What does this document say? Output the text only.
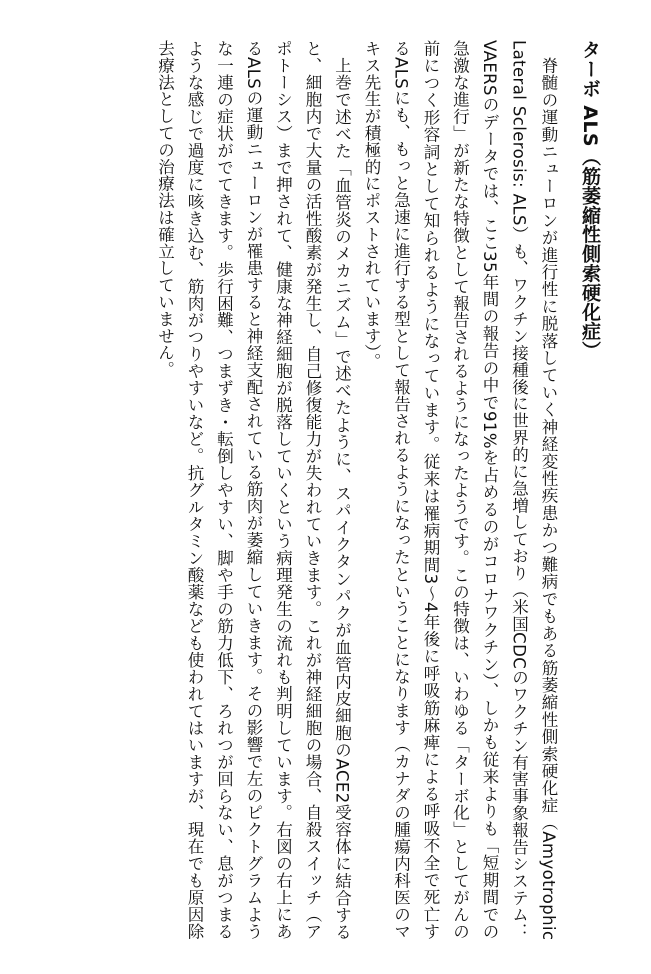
ターボ ALS（筋萎縮性側索硬化症）

脊髄の運動ニューロンが進行性に脱落していく神経変性疾患かつ難病でもある筋萎縮性側索硬化症（Amyotrophic Lateral Sclerosis: ALS）も、ワクチン接種後に世界的に急増しており（米国CDCのワクチン有害事象報告システム：VAERSのデータでは、ここ35年間の報告の中で91%を占めるのがコロナワクチン）、しかも従来よりも「短期間での急激な進行」が新たな特徴として報告されるようになったようです。この特徴は、いわゆる「ターボ化」としてがんの前につく形容詞として知られるようになっています。従来は罹病期間3～4年後に呼吸筋麻痺による呼吸不全で死亡するALSにも、もっと急速に進行する型として報告されるようになったということになります（カナダの腫瘍内科医のマキス先生が積極的にポストされています）。

上巻で述べた「血管炎のメカニズム」で述べたように、スパイクタンパクが血管内皮細胞のACE2受容体に結合すると、細胞内で大量の活性酸素が発生し、自己修復能力が失われていきます。これが神経細胞の場合、自殺スイッチ（アポトーシス）まで押されて、健康な神経細胞が脱落していくという病理発生の流れも判明しています。右図の右上にあるALSの運動ニューロンが罹患すると神経支配されている筋肉が萎縮していきます。その影響で左のピクトグラムような一連の症状がでてきます。歩行困難、つまずき・転倒しやすい、脚や手の筋力低下、ろれつが回らない、息がつまるような感じで過度に咳き込む、筋肉がつりやすいなど。抗グルタミン酸薬なども使われてはいますが、現在でも原因除去療法としての治療法は確立していません。
